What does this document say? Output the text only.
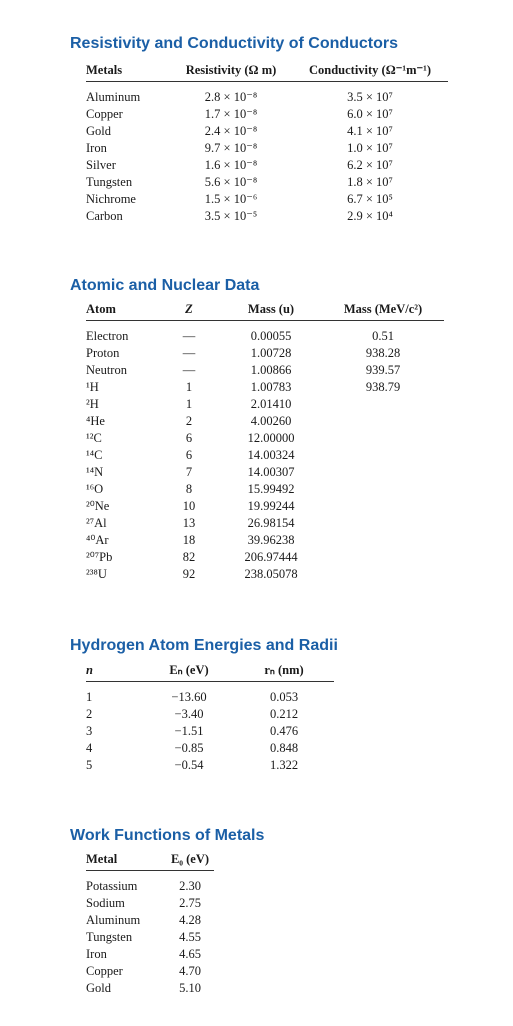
Resistivity and Conductivity of Conductors
Metals	Resistivity (Ω m)	Conductivity (Ω⁻¹m⁻¹)
Aluminum	2.8 × 10⁻⁸	3.5 × 10⁷
Copper	1.7 × 10⁻⁸	6.0 × 10⁷
Gold	2.4 × 10⁻⁸	4.1 × 10⁷
Iron	9.7 × 10⁻⁸	1.0 × 10⁷
Silver	1.6 × 10⁻⁸	6.2 × 10⁷
Tungsten	5.6 × 10⁻⁸	1.8 × 10⁷
Nichrome	1.5 × 10⁻⁶	6.7 × 10⁵
Carbon	3.5 × 10⁻⁵	2.9 × 10⁴
Atomic and Nuclear Data
Atom	Z	Mass (u)	Mass (MeV/c²)
Electron	—	0.00055	0.51
Proton	—	1.00728	938.28
Neutron	—	1.00866	939.57
¹H	1	1.00783	938.79
²H	1	2.01410	
⁴He	2	4.00260	
¹²C	6	12.00000	
¹⁴C	6	14.00324	
¹⁴N	7	14.00307	
¹⁶O	8	15.99492	
²⁰Ne	10	19.99244	
²⁷Al	13	26.98154	
⁴⁰Ar	18	39.96238	
²⁰⁷Pb	82	206.97444	
²³⁸U	92	238.05078	
Hydrogen Atom Energies and Radii
n	Eₙ (eV)	rₙ (nm)
1	−13.60	0.053
2	−3.40	0.212
3	−1.51	0.476
4	−0.85	0.848
5	−0.54	1.322
Work Functions of Metals
Metal	E₀ (eV)
Potassium	2.30
Sodium	2.75
Aluminum	4.28
Tungsten	4.55
Iron	4.65
Copper	4.70
Gold	5.10
